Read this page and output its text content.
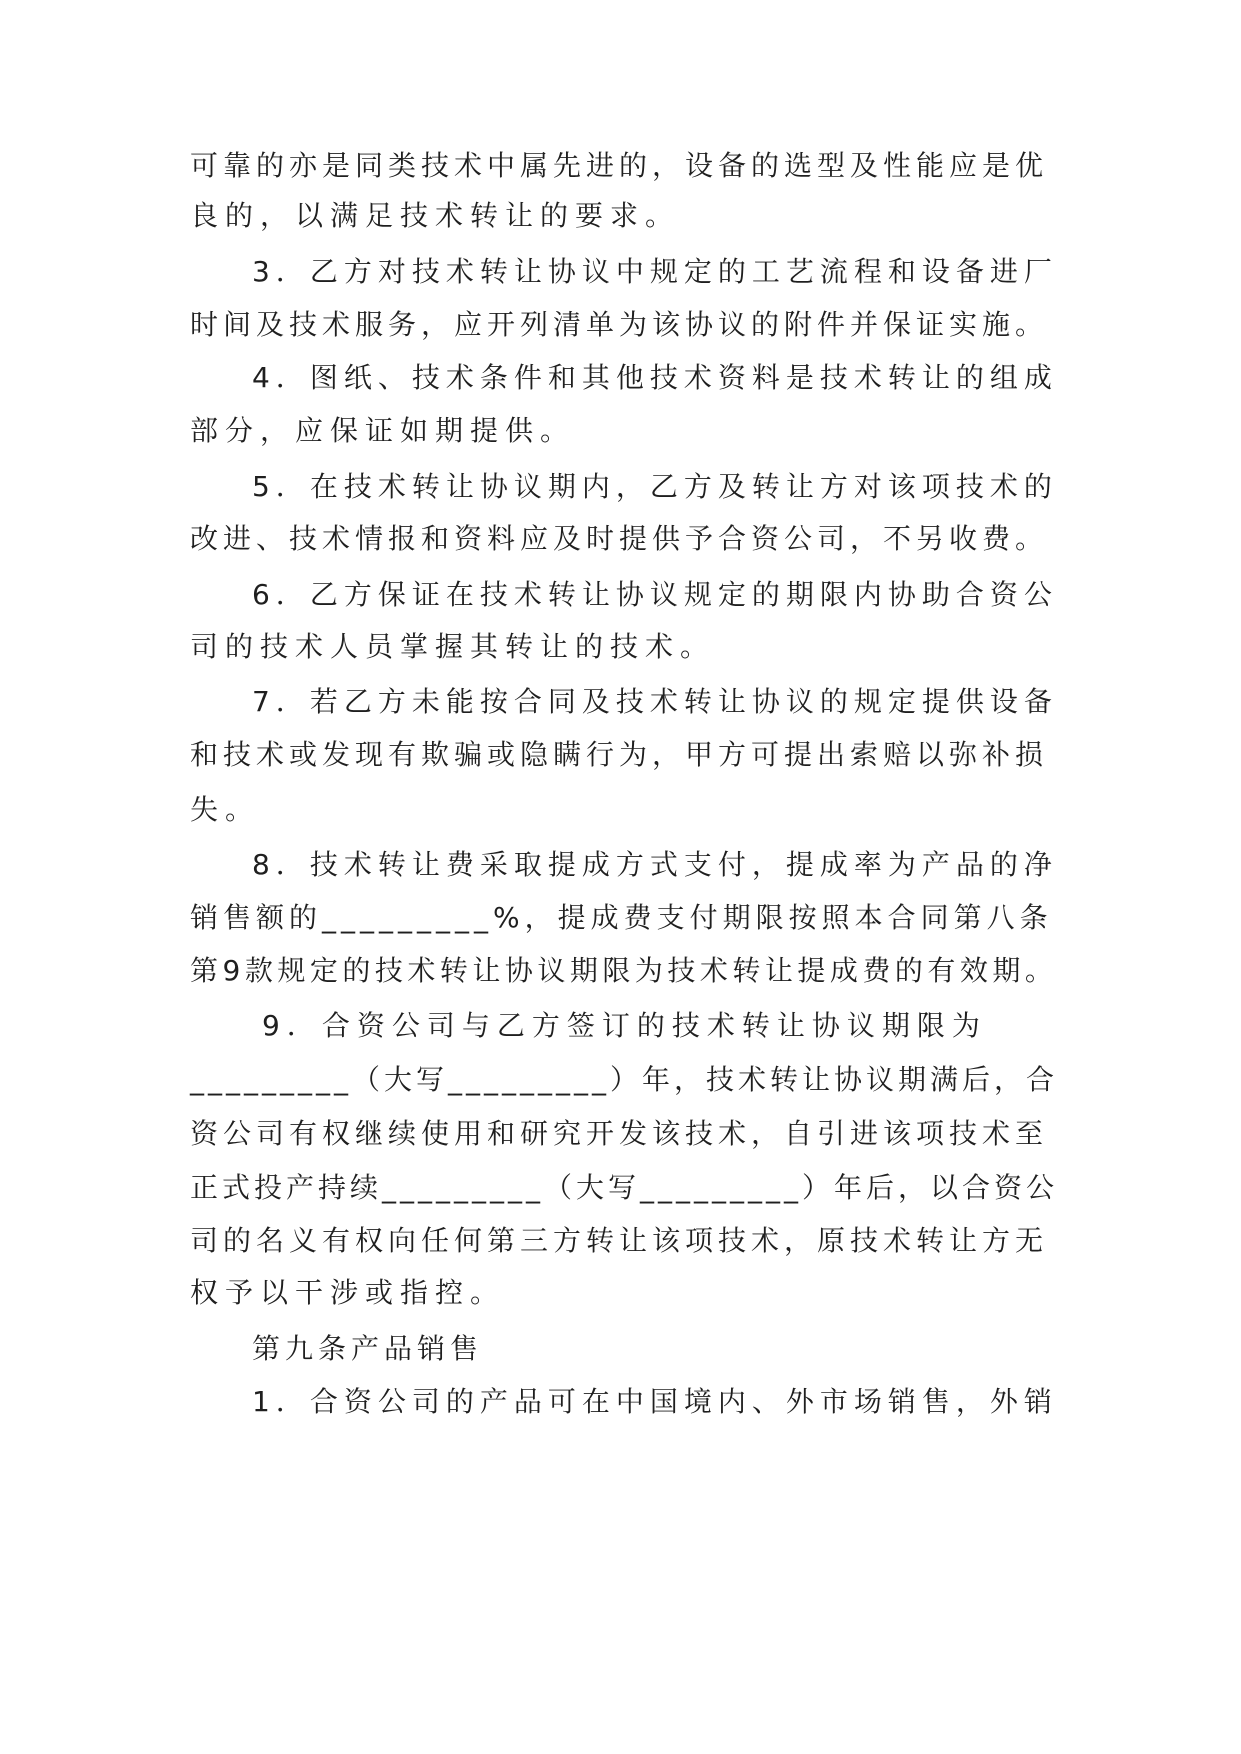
可靠的亦是同类技术中属先进的，设备的选型及性能应是优
良的，以满足技术转让的要求。
3．乙方对技术转让协议中规定的工艺流程和设备进厂
时间及技术服务，应开列清单为该协议的附件并保证实施。
4．图纸、技术条件和其他技术资料是技术转让的组成
部分，应保证如期提供。
5．在技术转让协议期内，乙方及转让方对该项技术的
改进、技术情报和资料应及时提供予合资公司，不另收费。
6．乙方保证在技术转让协议规定的期限内协助合资公
司的技术人员掌握其转让的技术。
7．若乙方未能按合同及技术转让协议的规定提供设备
和技术或发现有欺骗或隐瞒行为，甲方可提出索赔以弥补损
失。
8．技术转让费采取提成方式支付，提成率为产品的净
销售额的_________%，提成费支付期限按照本合同第八条
第9款规定的技术转让协议期限为技术转让提成费的有效期。
9．合资公司与乙方签订的技术转让协议期限为
_________（大写_________）年，技术转让协议期满后，合
资公司有权继续使用和研究开发该技术，自引进该项技术至
正式投产持续_________（大写_________）年后，以合资公
司的名义有权向任何第三方转让该项技术，原技术转让方无
权予以干涉或指控。
第九条产品销售
1．合资公司的产品可在中国境内、外市场销售，外销
